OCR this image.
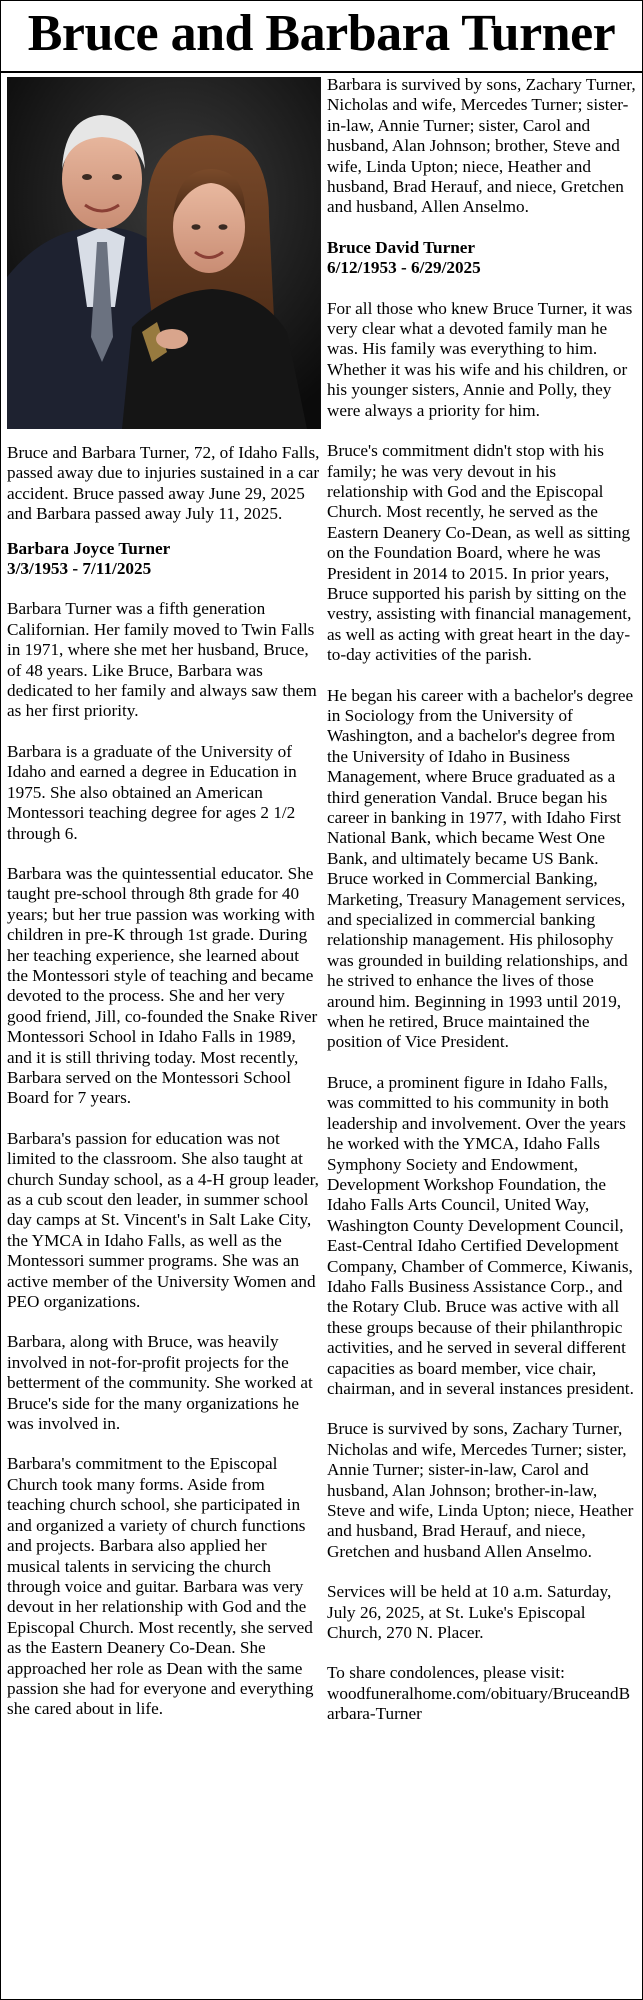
Bruce and Barbara Turner

Bruce and Barbara Turner, 72, of Idaho Falls, passed away due to injuries sustained in a car accident. Bruce passed away June 29, 2025 and Barbara passed away July 11, 2025.

Barbara Joyce Turner
3/3/1953 - 7/11/2025

Barbara Turner was a fifth generation Californian. Her family moved to Twin Falls in 1971, where she met her husband, Bruce, of 48 years. Like Bruce, Barbara was dedicated to her family and always saw them as her first priority.

Barbara is a graduate of the University of Idaho and earned a degree in Education in 1975. She also obtained an American Montessori teaching degree for ages 2 1/2 through 6.

Barbara was the quintessential educator. She taught pre-school through 8th grade for 40 years; but her true passion was working with children in pre-K through 1st grade. During her teaching experience, she learned about the Montessori style of teaching and became devoted to the process. She and her very good friend, Jill, co-founded the Snake River Montessori School in Idaho Falls in 1989, and it is still thriving today. Most recently, Barbara served on the Montessori School Board for 7 years.

Barbara's passion for education was not limited to the classroom. She also taught at church Sunday school, as a 4-H group leader, as a cub scout den leader, in summer school day camps at St. Vincent's in Salt Lake City, the YMCA in Idaho Falls, as well as the Montessori summer programs. She was an active member of the University Women and PEO organizations.

Barbara, along with Bruce, was heavily involved in not-for-profit projects for the betterment of the community. She worked at Bruce's side for the many organizations he was involved in.

Barbara's commitment to the Episcopal Church took many forms. Aside from teaching church school, she participated in and organized a variety of church functions and projects. Barbara also applied her musical talents in servicing the church through voice and guitar. Barbara was very devout in her relationship with God and the Episcopal Church. Most recently, she served as the Eastern Deanery Co-Dean. She approached her role as Dean with the same passion she had for everyone and everything she cared about in life.

Barbara is survived by sons, Zachary Turner, Nicholas and wife, Mercedes Turner; sister-in-law, Annie Turner; sister, Carol and husband, Alan Johnson; brother, Steve and wife, Linda Upton; niece, Heather and husband, Brad Herauf, and niece, Gretchen and husband, Allen Anselmo.

Bruce David Turner
6/12/1953 - 6/29/2025

For all those who knew Bruce Turner, it was very clear what a devoted family man he was. His family was everything to him. Whether it was his wife and his children, or his younger sisters, Annie and Polly, they were always a priority for him.

Bruce's commitment didn't stop with his family; he was very devout in his relationship with God and the Episcopal Church. Most recently, he served as the Eastern Deanery Co-Dean, as well as sitting on the Foundation Board, where he was President in 2014 to 2015. In prior years, Bruce supported his parish by sitting on the vestry, assisting with financial management, as well as acting with great heart in the day-to-day activities of the parish.

He began his career with a bachelor's degree in Sociology from the University of Washington, and a bachelor's degree from the University of Idaho in Business Management, where Bruce graduated as a third generation Vandal. Bruce began his career in banking in 1977, with Idaho First National Bank, which became West One Bank, and ultimately became US Bank. Bruce worked in Commercial Banking, Marketing, Treasury Management services, and specialized in commercial banking relationship management. His philosophy was grounded in building relationships, and he strived to enhance the lives of those around him. Beginning in 1993 until 2019, when he retired, Bruce maintained the position of Vice President.

Bruce, a prominent figure in Idaho Falls, was committed to his community in both leadership and involvement. Over the years he worked with the YMCA, Idaho Falls Symphony Society and Endowment, Development Workshop Foundation, the Idaho Falls Arts Council, United Way, Washington County Development Council, East-Central Idaho Certified Development Company, Chamber of Commerce, Kiwanis, Idaho Falls Business Assistance Corp., and the Rotary Club. Bruce was active with all these groups because of their philanthropic activities, and he served in several different capacities as board member, vice chair, chairman, and in several instances president.

Bruce is survived by sons, Zachary Turner, Nicholas and wife, Mercedes Turner; sister, Annie Turner; sister-in-law, Carol and husband, Alan Johnson; brother-in-law, Steve and wife, Linda Upton; niece, Heather and husband, Brad Herauf, and niece, Gretchen and husband Allen Anselmo.

Services will be held at 10 a.m. Saturday, July 26, 2025, at St. Luke's Episcopal Church, 270 N. Placer.

To share condolences, please visit:

woodfuneralhome.com/obituary/BruceandBarbara-Turner
